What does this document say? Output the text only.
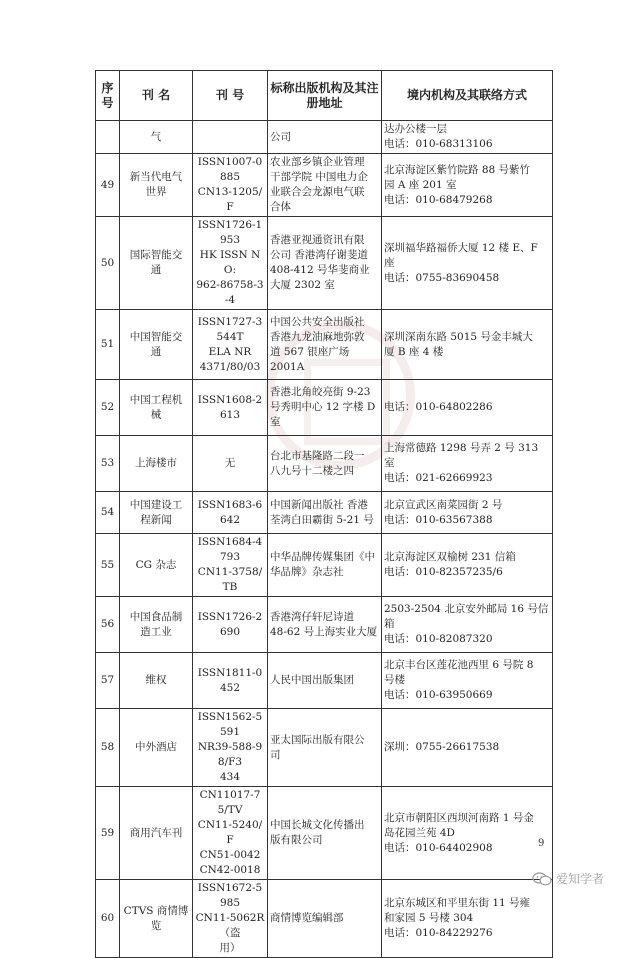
序号	刊 名	刊 号	标称出版机构及其注册地址	境内机构及其联络方式

	气		公司	达办公楼一层
电话：010-68313106

49	新当代电气
世界	ISSN1007-0885
CN13-1205/F	农业部乡镇企业管理
干部学院 中国电力企
业联合会龙源电气联
合体	北京海淀区紫竹院路 88 号紫竹
园 A 座 201 室
电话：010-68479268

50	国际智能交
通	ISSN1726-1953
HK ISSN NO:
962-86758-3-4	香港亚视通资讯有限
公司 香港湾仔谢斐道
408-412 号华斐商业
大厦 2302 室	深圳福华路福侨大厦 12 楼 E、F
座
电话：0755-83690458

51	中国智能交
通	ISSN1727-3544T
ELA NR
4371/80/03	中国公共安全出版社
香港九龙油麻地弥敦
道 567 银座广场
2001A	深圳深南东路 5015 号金丰城大
厦 B 座 4 楼

52	中国工程机
械	ISSN1608-2613	香港北角皎亮街 9-23
号秀明中心 12 字楼 D
室	电话：010-64802286

53	上海楼市	无	台北市基隆路二段一
八九号十二楼之四	上海常德路 1298 号弄 2 号 313
室
电话：021-62669923

54	中国建设工
程新闻	ISSN1683-6642	中国新闻出版社 香港
荃湾白田霸街 5-21 号	北京宣武区南菜园街 2 号
电话：010-63567388

55	CG 杂志	ISSN1684-4793
CN11-3758/TB	中华品牌传媒集团《中
华品牌》杂志社	北京海淀区双榆树 231 信箱
电话：010-82357235/6

56	中国食品制
造工业	ISSN1726-2690	香港湾仔轩尼诗道
48-62 号上海实业大厦	2503-2504 北京安外邮局 16 号信
箱
电话：010-82087320

57	维权	ISSN1811-0452	人民中国出版集团	北京丰台区莲花池西里 6 号院 8
号楼
电话：010-63950669

58	中外酒店	ISSN1562-5591
NR39-588-98/F3
434	亚太国际出版有限公
司	深圳：0755-26617538

59	商用汽车刊	CN11017-75/TV
CN11-5240/F
CN51-0042
CN42-0018	中国长城文化传播出
版有限公司	北京市朝阳区西坝河南路 1 号金
岛花园兰苑 4D
电话：010-64402908

60	CTVS 商情博
览	ISSN1672-5985
CN11-5062R（盗
用）	商情博览编辑部	北京东城区和平里东街 11 号雍
和家园 5 号楼 304
电话：010-84229276
9
爱知学者
